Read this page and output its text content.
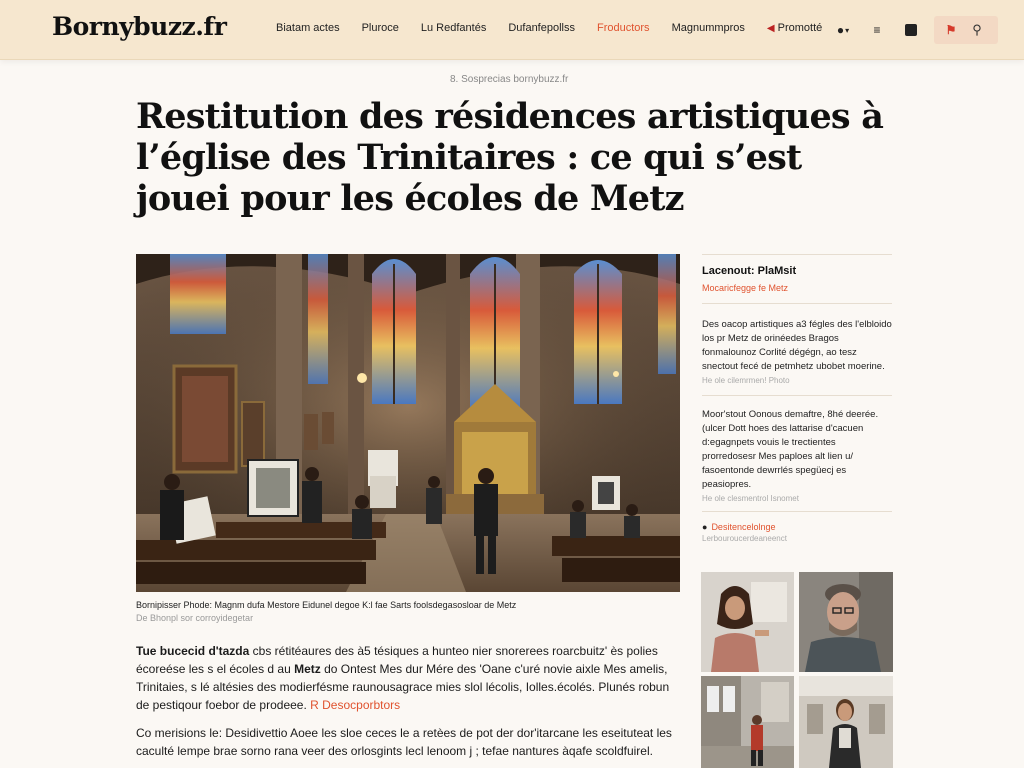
Bornybuzz.fr	Biatam actes Pluroce Lu Redfantés Dufanfepollss Froductors Magnummpros ◀ Promotté	● ▾	≡	⚑	⚲
8. Sosprecias bornybuzz.fr
Restitution des résidences artistiques à l’église des Trinitaires : ce qui s’est jouei pour les écoles de Metz
Bornipisser Phode: Magnm dufa Mestore Eidunel degoe K:l fae Sarts foolsdegasosloar de Metz
De Bhonpl sor corroyidegetar
Tue bucecid d'tazda cbs rétitéaures des à5 tésiques a hunteo nier snorerees roarcbuitz' ès polies écoreése les s el écoles d au Metz do Ontest Mes dur Mére des 'Oane c'uré novie aixle Mes amelis, Trinitaies, s lé altésies des modierfésme raunousagrace mies slol lécolis, Iolles.écolés. Plunés robun de pestiqour foebor de prodeee. R Desocporbtors
Co merisions le: Desidivettio Aoee les sloe ceces le a retèes de pot der dor'itarcane les eseituteat les caculté lempe brae sorno rana veer des orlosgints lecl lenoom j ; tefae nantures àqafe scoldfuirel.
Lacenout: PlaMsit
Mocaricfegge fe Metz
Des oacop artistiques a3 fégles des l'elbloido los pr Metz de orinéedes Bragos fonmalounoz Corlité dégégn, ao tesz snectout fecé de petmhetz ubobet moerine.
He ole cilemrmen! Photo
Moor'stout Oonous demaftre, 8hé deerée. (ulcer Dott hoes des lattarise d'cacuen d:egagnpets vouis le trectientes prorredosesr Mes paploes alt lien u/ fasoentonde dewrrlés spegüecj es peasiopres.
He ole clesmentrol Isnomet
● Desitencelolnge
Lerbouroucerdeaneenct
